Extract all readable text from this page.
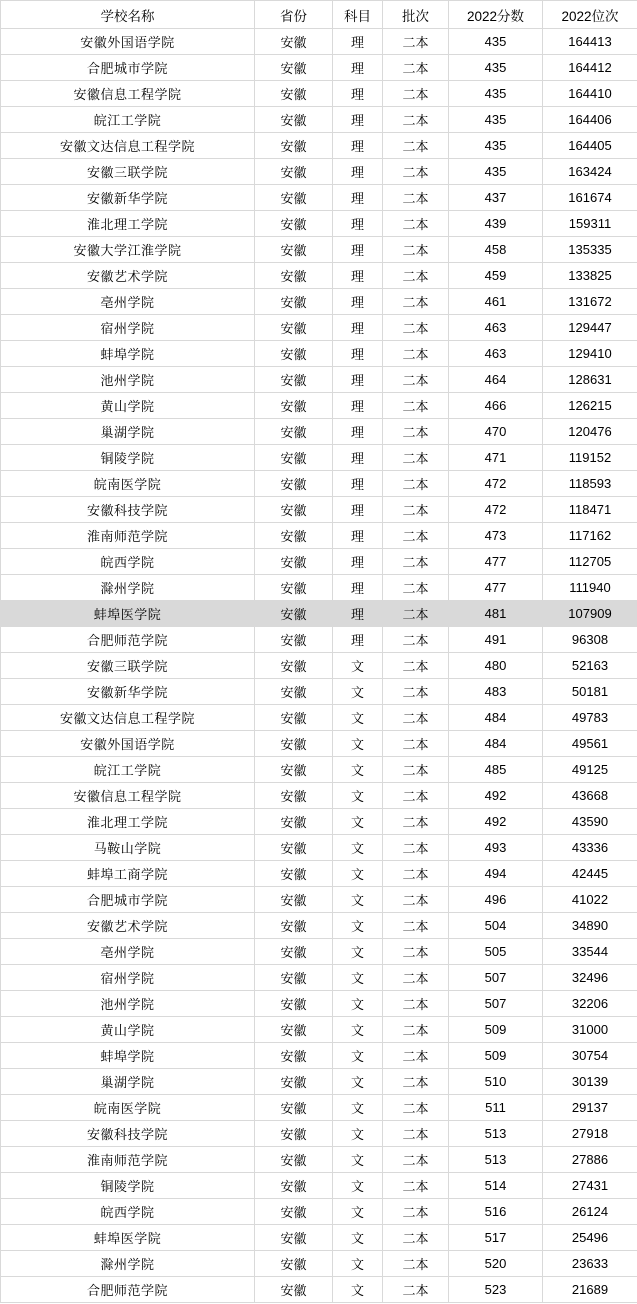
学校名称	省份	科目	批次	2022分数	2022位次
安徽外国语学院	安徽	理	二本	435	164413
合肥城市学院	安徽	理	二本	435	164412
安徽信息工程学院	安徽	理	二本	435	164410
皖江工学院	安徽	理	二本	435	164406
安徽文达信息工程学院	安徽	理	二本	435	164405
安徽三联学院	安徽	理	二本	435	163424
安徽新华学院	安徽	理	二本	437	161674
淮北理工学院	安徽	理	二本	439	159311
安徽大学江淮学院	安徽	理	二本	458	135335
安徽艺术学院	安徽	理	二本	459	133825
亳州学院	安徽	理	二本	461	131672
宿州学院	安徽	理	二本	463	129447
蚌埠学院	安徽	理	二本	463	129410
池州学院	安徽	理	二本	464	128631
黄山学院	安徽	理	二本	466	126215
巢湖学院	安徽	理	二本	470	120476
铜陵学院	安徽	理	二本	471	119152
皖南医学院	安徽	理	二本	472	118593
安徽科技学院	安徽	理	二本	472	118471
淮南师范学院	安徽	理	二本	473	117162
皖西学院	安徽	理	二本	477	112705
滁州学院	安徽	理	二本	477	111940
蚌埠医学院	安徽	理	二本	481	107909
合肥师范学院	安徽	理	二本	491	96308
安徽三联学院	安徽	文	二本	480	52163
安徽新华学院	安徽	文	二本	483	50181
安徽文达信息工程学院	安徽	文	二本	484	49783
安徽外国语学院	安徽	文	二本	484	49561
皖江工学院	安徽	文	二本	485	49125
安徽信息工程学院	安徽	文	二本	492	43668
淮北理工学院	安徽	文	二本	492	43590
马鞍山学院	安徽	文	二本	493	43336
蚌埠工商学院	安徽	文	二本	494	42445
合肥城市学院	安徽	文	二本	496	41022
安徽艺术学院	安徽	文	二本	504	34890
亳州学院	安徽	文	二本	505	33544
宿州学院	安徽	文	二本	507	32496
池州学院	安徽	文	二本	507	32206
黄山学院	安徽	文	二本	509	31000
蚌埠学院	安徽	文	二本	509	30754
巢湖学院	安徽	文	二本	510	30139
皖南医学院	安徽	文	二本	511	29137
安徽科技学院	安徽	文	二本	513	27918
淮南师范学院	安徽	文	二本	513	27886
铜陵学院	安徽	文	二本	514	27431
皖西学院	安徽	文	二本	516	26124
蚌埠医学院	安徽	文	二本	517	25496
滁州学院	安徽	文	二本	520	23633
合肥师范学院	安徽	文	二本	523	21689
